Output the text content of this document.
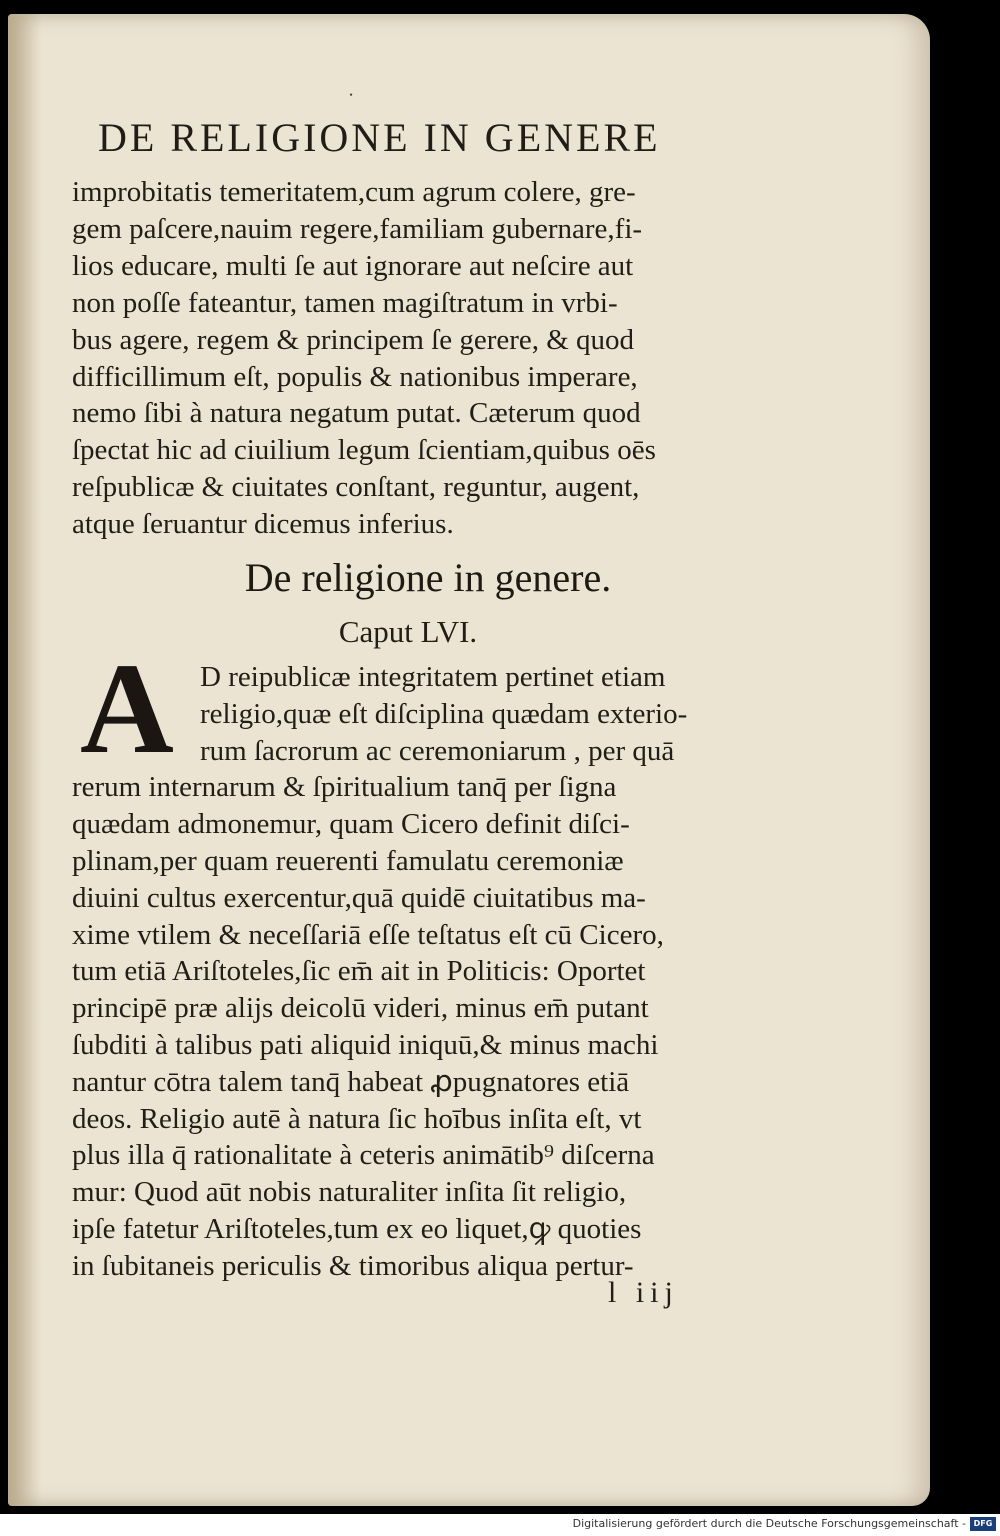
ˑ
DE RELIGIONE IN GENERE
improbitatis temeritatem,cum agrum colere, gre-
gem paſcere,nauim regere,familiam gubernare,fi-
lios educare, multi ſe aut ignorare aut neſcire aut
non poſſe fateantur, tamen magiſtratum in vrbi-
bus agere, regem & principem ſe gerere, & quod
difficillimum eſt, populis & nationibus imperare,
nemo ſibi à natura negatum putat. Cæterum quod
ſpectat hic ad ciuilium legum ſcientiam,quibus oēs
reſpublicæ & ciuitates conſtant, reguntur, augent,
atque ſeruantur dicemus inferius.
De religione in genere.
Caput LVI.
A D reipublicæ integritatem pertinet etiam
religio,quæ eſt diſciplina quædam exterio-
rum ſacrorum ac ceremoniarum , per quā
rerum internarum & ſpiritualium tanq̄ per ſigna
quædam admonemur, quam Cicero definit diſci-
plinam,per quam reuerenti famulatu ceremoniæ
diuini cultus exercentur,quā quidē ciuitatibus ma-
xime vtilem & neceſſariā eſſe teſtatus eſt cū Cicero,
tum etiā Ariſtoteles,ſic em̄ ait in Politicis: Oportet
principē præ alijs deicolū videri, minus em̄ putant
ſubditi à talibus pati aliquid iniquū,& minus machi
nantur cōtra talem tanq̄ habeat ꝓpugnatores etiā
deos. Religio autē à natura ſic hoībus inſita eſt, vt
plus illa q̄ rationalitate à ceteris animātib⁹ diſcerna
mur: Quod aūt nobis naturaliter inſita ſit religio,
ipſe fatetur Ariſtoteles,tum ex eo liquet,ꝙ quoties
in ſubitaneis periculis & timoribus aliqua pertur-
l iij
Digitalisierung gefördert durch die Deutsche Forschungsgemeinschaft - DFG
